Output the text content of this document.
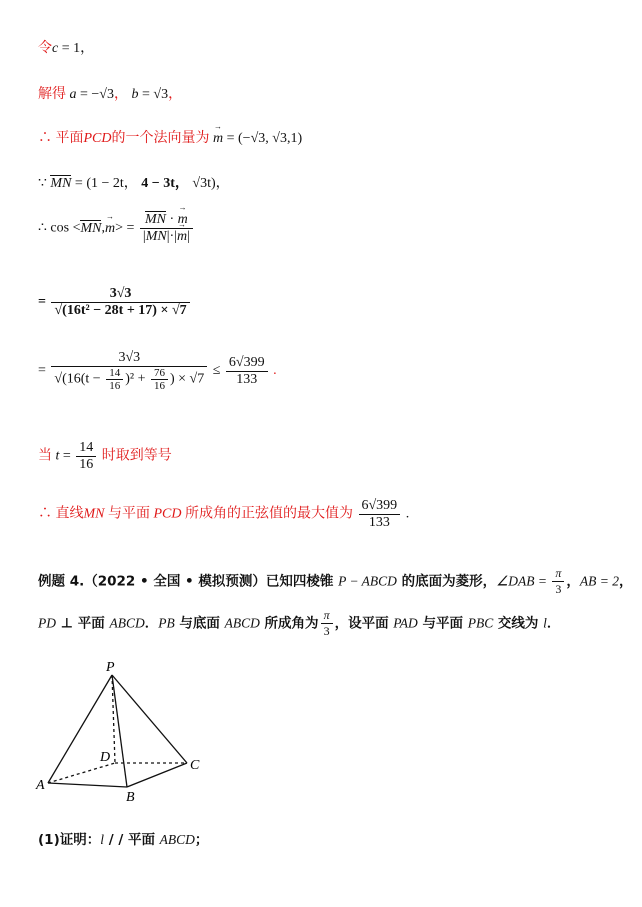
令c = 1，
解得 a = −√3， b = √3，
∴ 平面PCD的一个法向量为 m → = (−√3, √3,1)
∵ MN = (1 − 2t， 4 − 3t， √3t)，
∴ cos <MN,m →> = $\frac{MN \cdot m \to}{|MN|\cdot|m \to|}$
= $\frac{3√3}{\text{√(16t² − 28t + 17) × √7}}$
= $\frac{3√3}{√(16(t - \frac{14}{16} )^2 + \frac{76}{16} ) \times √7} \le \frac{6√399}{133}$ .
当 $t = \frac{14}{16}$ 时取到等号
∴ 直线MN 与平面 PCD 所成角的正弦值的最大值为 $\frac{6√399}{133}$ .
例题 4.（2022 • 全国 • 模拟预测）已知四棱锥 P − ABCD 的底面为菱形，∠DAB = $\frac{\pi}{3}$ ，AB = 2，
PD ⊥ 平面 ABCD．PB 与底面 ABCD 所成角为 $\frac{\pi}{3}$ ，设平面 PAD 与平面 PBC 交线为 l．
P
A
B
C
D
(1)证明：l / / 平面 ABCD；
